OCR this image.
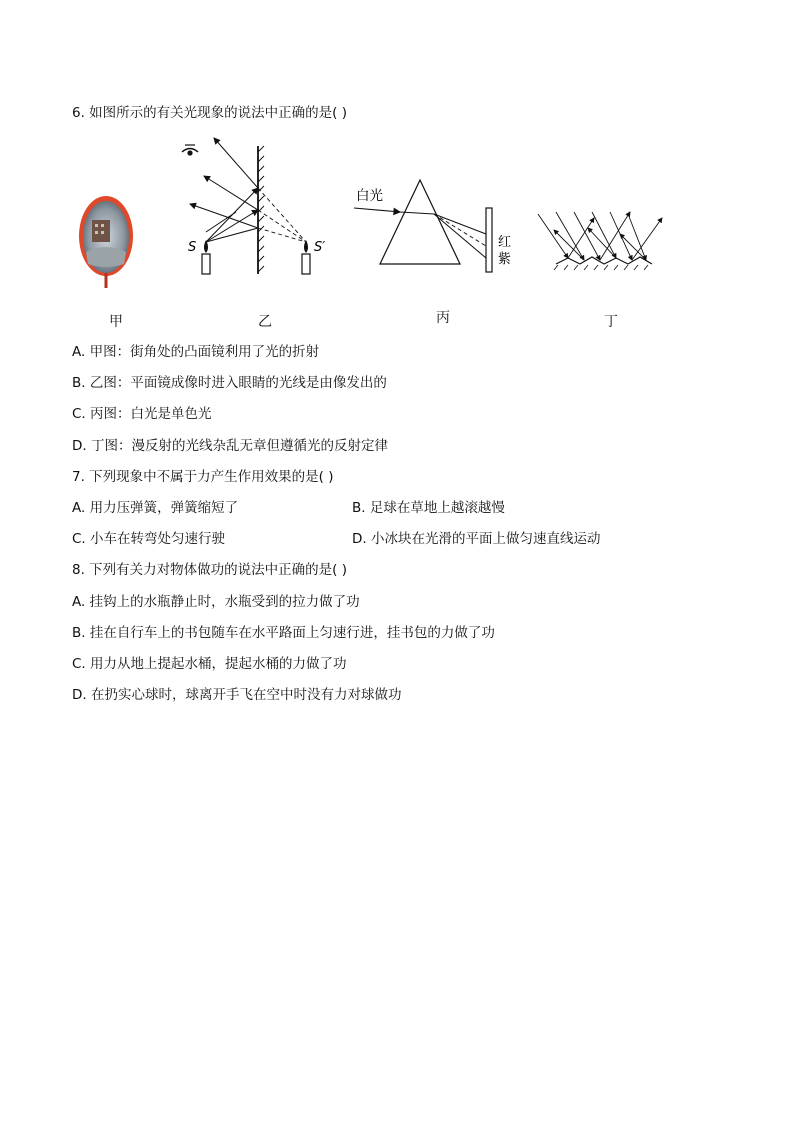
6. 如图所示的有关光现象的说法中正确的是( )
S	S′
白光
红
紫
甲	乙	丙	丁
A. 甲图：街角处的凸面镜利用了光的折射
B. 乙图：平面镜成像时进入眼睛的光线是由像发出的
C. 丙图：白光是单色光
D. 丁图：漫反射的光线杂乱无章但遵循光的反射定律
7. 下列现象中不属于力产生作用效果的是( )
A. 用力压弹簧，弹簧缩短了	B. 足球在草地上越滚越慢
C. 小车在转弯处匀速行驶	D. 小冰块在光滑的平面上做匀速直线运动
8. 下列有关力对物体做功的说法中正确的是( )
A. 挂钩上的水瓶静止时，水瓶受到的拉力做了功
B. 挂在自行车上的书包随车在水平路面上匀速行进，挂书包的力做了功
C. 用力从地上提起水桶，提起水桶的力做了功
D. 在扔实心球时，球离开手飞在空中时没有力对球做功
